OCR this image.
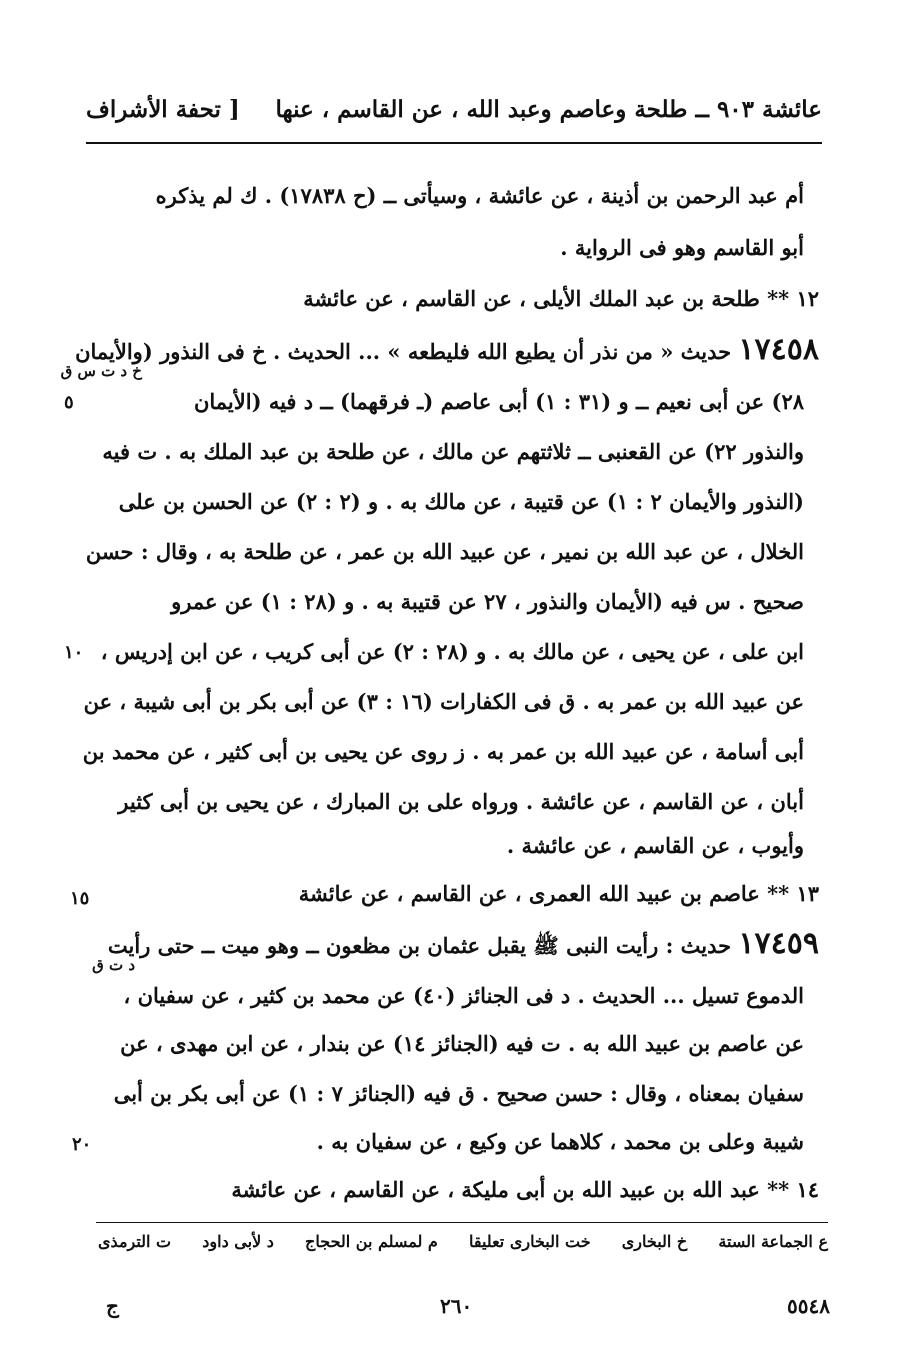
عائشة ٩٠٣ ــ طلحة وعاصم وعبد الله ، عن القاسم ، عنها
[ تحفة الأشراف
أم عبد الرحمن بن أذينة ، عن عائشة ، وسيأتى ــ (ح ١٧٨٣٨) . ك لم يذكره
أبو القاسم وهو فى الرواية .
١٢ ** طلحة بن عبد الملك الأيلى ، عن القاسم ، عن عائشة
١٧٤٥٨ حديث « من نذر أن يطيع الله فليطعه » ... الحديث . خ فى النذور (والأيمان
خ د ت س ق
٢٨) عن أبى نعيم ــ و (٣١ : ١) أبى عاصم (ـ فرقهما) ــ د فيه (الأيمان
والنذور ٢٢) عن القعنبى ــ ثلاثتهم عن مالك ، عن طلحة بن عبد الملك به . ت فيه
(النذور والأيمان ٢ : ١) عن قتيبة ، عن مالك به . و (٢ : ٢) عن الحسن بن على
الخلال ، عن عبد الله بن نمير ، عن عبيد الله بن عمر ، عن طلحة به ، وقال : حسن
صحيح . س فيه (الأيمان والنذور ، ٢٧ عن قتيبة به . و (٢٨ : ١) عن عمرو
ابن على ، عن يحيى ، عن مالك به . و (٢٨ : ٢) عن أبى كريب ، عن ابن إدريس ،
عن عبيد الله بن عمر به . ق فى الكفارات (١٦ : ٣) عن أبى بكر بن أبى شيبة ، عن
أبى أسامة ، عن عبيد الله بن عمر به . ز روى عن يحيى بن أبى كثير ، عن محمد بن
أبان ، عن القاسم ، عن عائشة . ورواه على بن المبارك ، عن يحيى بن أبى كثير
وأيوب ، عن القاسم ، عن عائشة .
١٣ ** عاصم بن عبيد الله العمرى ، عن القاسم ، عن عائشة
١٧٤٥٩ حديث : رأيت النبى ﷺ يقبل عثمان بن مظعون ــ وهو ميت ــ حتى رأيت
د ت ق
الدموع تسيل ... الحديث . د فى الجنائز (٤٠) عن محمد بن كثير ، عن سفيان ،
عن عاصم بن عبيد الله به . ت فيه (الجنائز ١٤) عن بندار ، عن ابن مهدى ، عن
سفيان بمعناه ، وقال : حسن صحيح . ق فيه (الجنائز ٧ : ١) عن أبى بكر بن أبى
شيبة وعلى بن محمد ، كلاهما عن وكيع ، عن سفيان به .
١٤ ** عبد الله بن عبيد الله بن أبى مليكة ، عن القاسم ، عن عائشة
٥
١٠
١٥
٢٠
ع الجماعة الستة
خ البخارى
خت البخارى تعليقا
م لمسلم بن الحجاج
د لأبى داود
ت الترمذى
٥٥٤٨
٢٦٠
ج
